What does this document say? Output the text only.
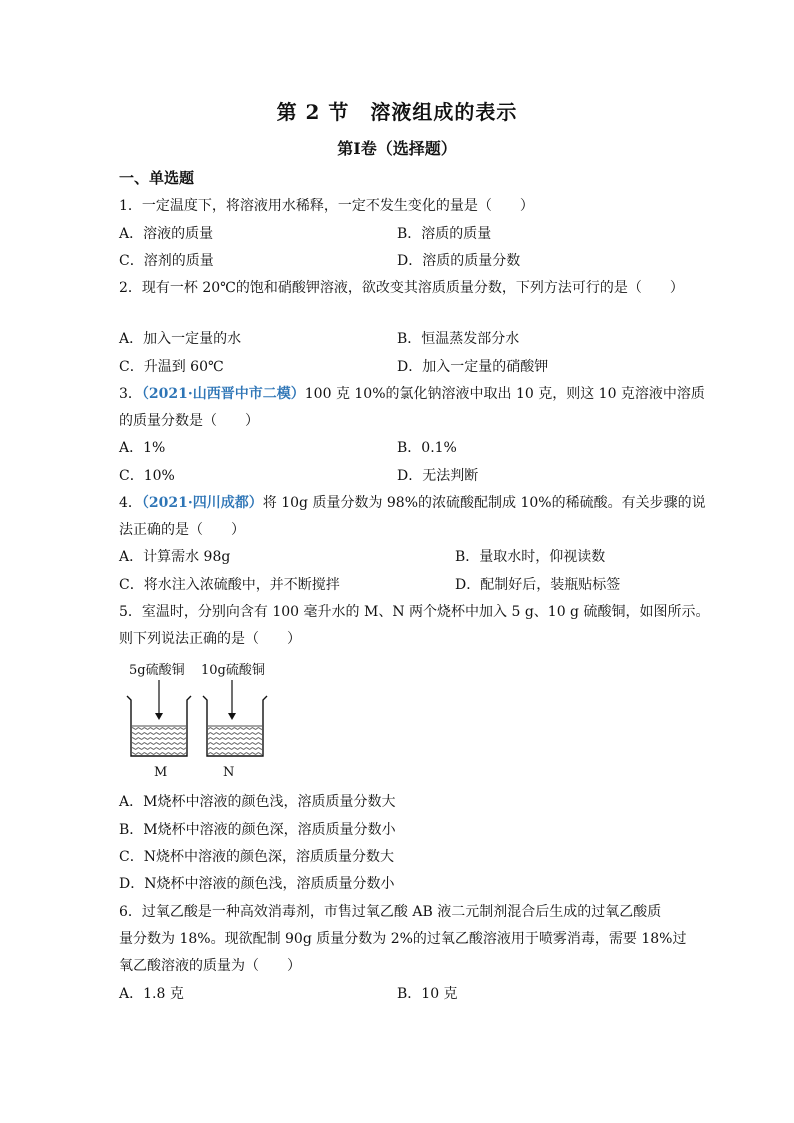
第 2 节　溶液组成的表示
第I卷（选择题）
一、单选题
1．一定温度下，将溶液用水稀释，一定不发生变化的量是（　　）
A．溶液的质量	B．溶质的质量
C．溶剂的质量	D．溶质的质量分数
2．现有一杯 20℃的饱和硝酸钾溶液，欲改变其溶质质量分数，下列方法可行的是（　　）
A．加入一定量的水	B．恒温蒸发部分水
C．升温到 60℃	D．加入一定量的硝酸钾
3．（2021·山西晋中市二模）100 克 10%的氯化钠溶液中取出 10 克，则这 10 克溶液中溶质
的质量分数是（　　）
A．1%	B．0.1%
C．10%	D．无法判断
4．（2021·四川成都）将 10g 质量分数为 98%的浓硫酸配制成 10%的稀硫酸。有关步骤的说
法正确的是（　　）
A．计算需水 98g	B．量取水时，仰视读数
C．将水注入浓硫酸中，并不断搅拌	D．配制好后，装瓶贴标签
5．室温时，分别向含有 100 毫升水的 M、N 两个烧杯中加入 5 g、10 g 硫酸铜，如图所示。
则下列说法正确的是（　　）
5g硫酸铜 10g硫酸铜
M	N
A．M烧杯中溶液的颜色浅，溶质质量分数大
B．M烧杯中溶液的颜色深，溶质质量分数小
C．N烧杯中溶液的颜色深，溶质质量分数大
D．N烧杯中溶液的颜色浅，溶质质量分数小
6．过氧乙酸是一种高效消毒剂，市售过氧乙酸 AB 液二元制剂混合后生成的过氧乙酸质
量分数为 18%。现欲配制 90g 质量分数为 2%的过氧乙酸溶液用于喷雾消毒，需要 18%过
氧乙酸溶液的质量为（　　）
A．1.8 克	B．10 克
